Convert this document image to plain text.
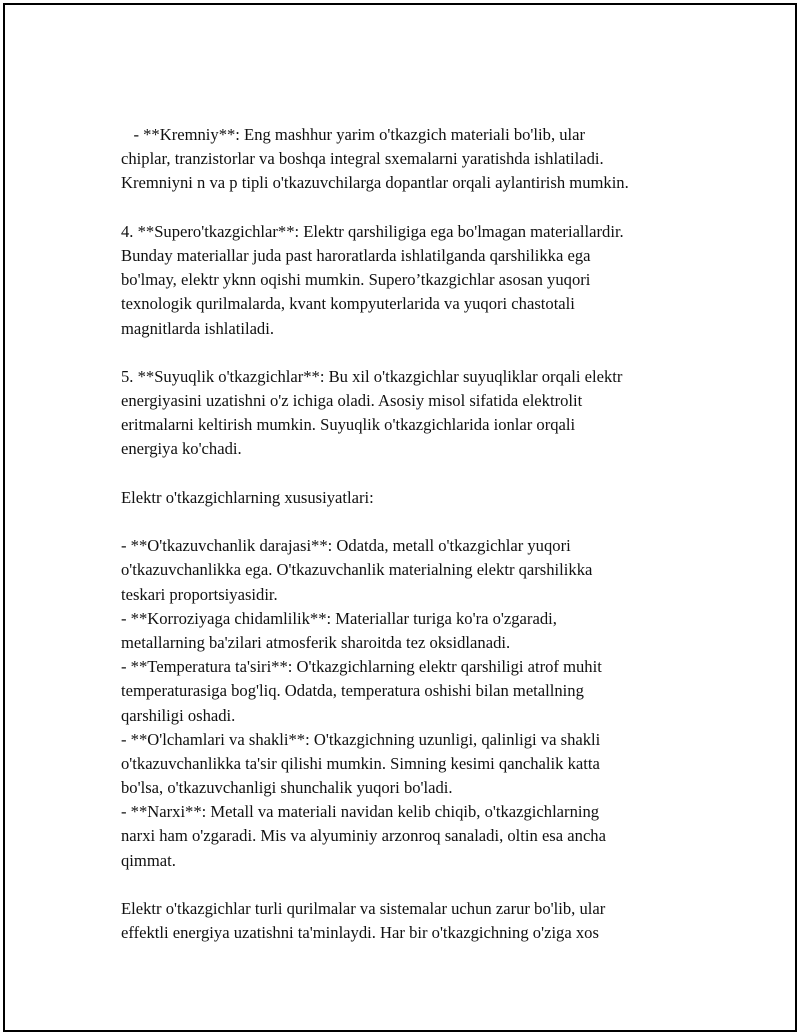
- **Kremniy**: Eng mashhur yarim o'tkazgich materiali bo'lib, ular
chiplar, tranzistorlar va boshqa integral sxemalarni yaratishda ishlatiladi.
Kremniyni n va p tipli o'tkazuvchilarga dopantlar orqali aylantirish mumkin.
4. **Supero'tkazgichlar**: Elektr qarshiligiga ega bo'lmagan materiallardir.
Bunday materiallar juda past haroratlarda ishlatilganda qarshilikka ega
bo'lmay, elektr yknn oqishi mumkin. Supero’tkazgichlar asosan yuqori
texnologik qurilmalarda, kvant kompyuterlarida va yuqori chastotali
magnitlarda ishlatiladi.
5. **Suyuqlik o'tkazgichlar**: Bu xil o'tkazgichlar suyuqliklar orqali elektr
energiyasini uzatishni o'z ichiga oladi. Asosiy misol sifatida elektrolit
eritmalarni keltirish mumkin. Suyuqlik o'tkazgichlarida ionlar orqali
energiya ko'chadi.
Elektr o'tkazgichlarning xususiyatlari:
- **O'tkazuvchanlik darajasi**: Odatda, metall o'tkazgichlar yuqori
o'tkazuvchanlikka ega. O'tkazuvchanlik materialning elektr qarshilikka
teskari proportsiyasidir.
- **Korroziyaga chidamlilik**: Materiallar turiga ko'ra o'zgaradi,
metallarning ba'zilari atmosferik sharoitda tez oksidlanadi.
- **Temperatura ta'siri**: O'tkazgichlarning elektr qarshiligi atrof muhit
temperaturasiga bog'liq. Odatda, temperatura oshishi bilan metallning
qarshiligi oshadi.
- **O'lchamlari va shakli**: O'tkazgichning uzunligi, qalinligi va shakli
o'tkazuvchanlikka ta'sir qilishi mumkin. Simning kesimi qanchalik katta
bo'lsa, o'tkazuvchanligi shunchalik yuqori bo'ladi.
- **Narxi**: Metall va materiali navidan kelib chiqib, o'tkazgichlarning
narxi ham o'zgaradi. Mis va alyuminiy arzonroq sanaladi, oltin esa ancha
qimmat.
Elektr o'tkazgichlar turli qurilmalar va sistemalar uchun zarur bo'lib, ular
effektli energiya uzatishni ta'minlaydi. Har bir o'tkazgichning o'ziga xos
